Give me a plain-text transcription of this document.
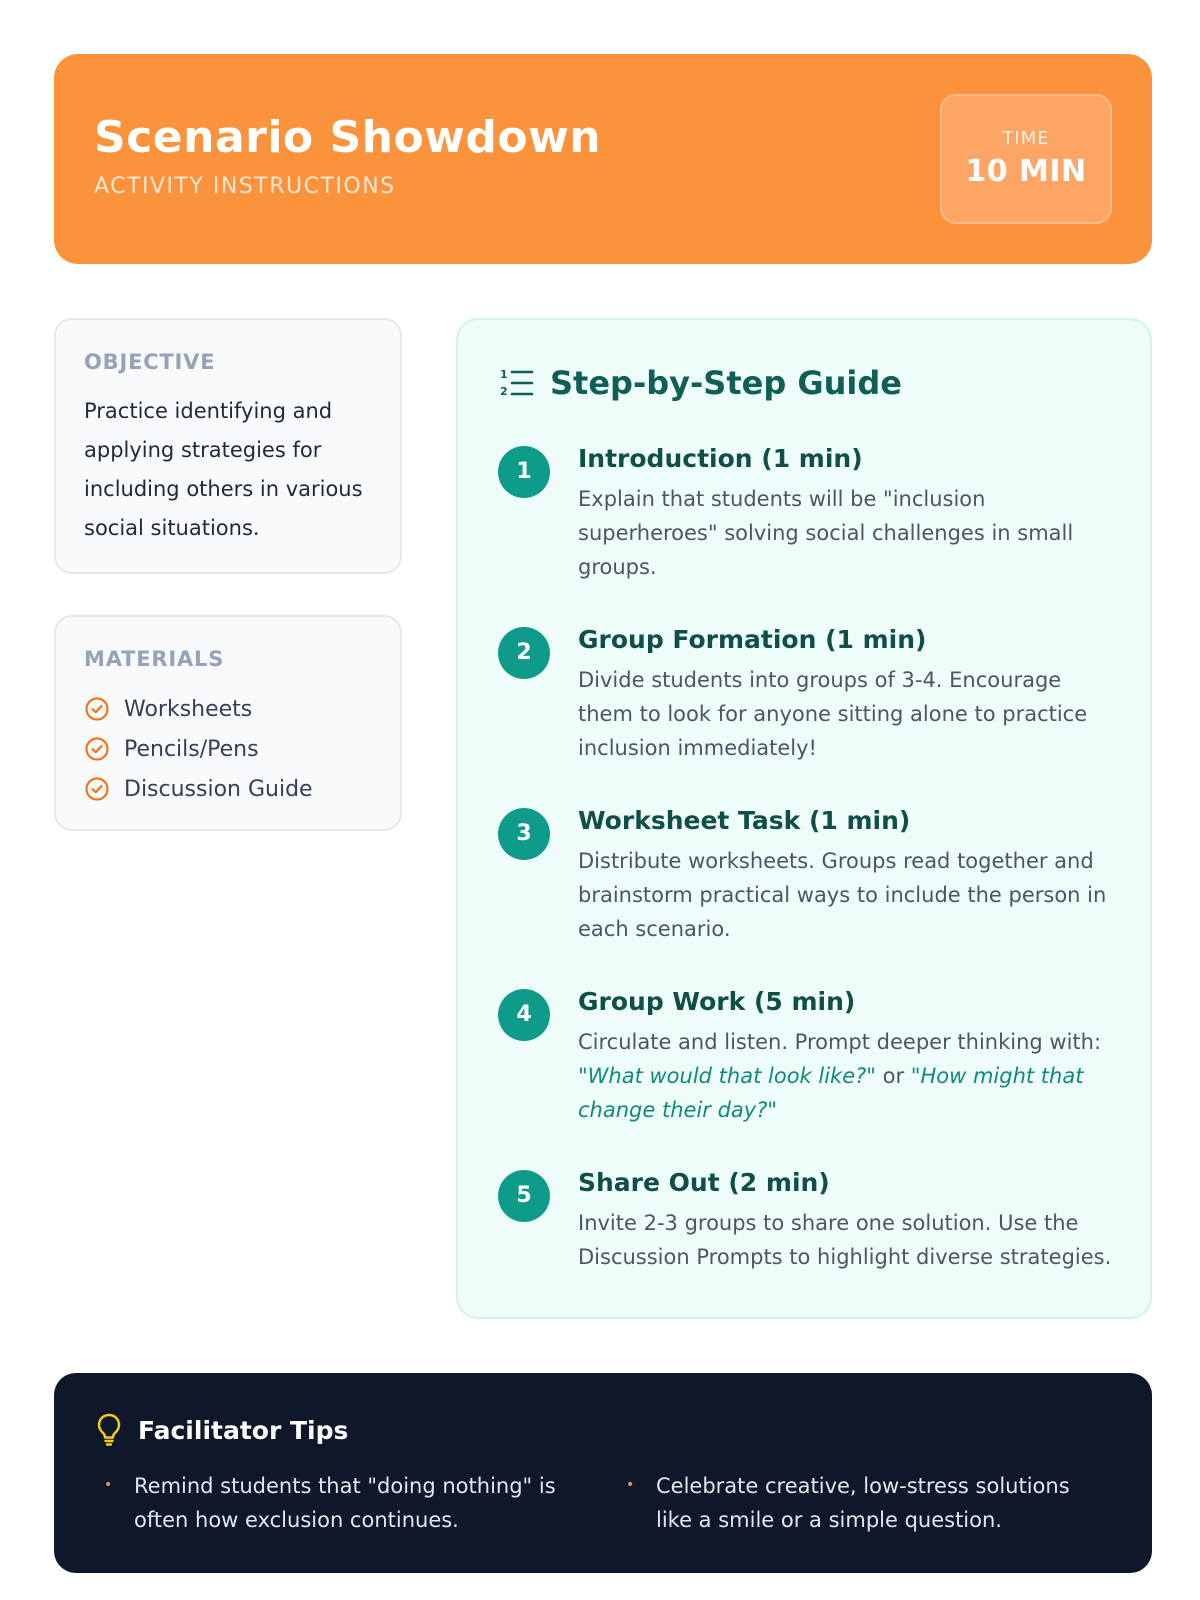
Scenario Showdown
ACTIVITY INSTRUCTIONS
TIME
10 MIN
OBJECTIVE
Practice identifying and applying strategies for including others in various social situations.
MATERIALS
Worksheets
Pencils/Pens
Discussion Guide
1
2 Step-by-Step Guide
1	Introduction (1 min)
Explain that students will be "inclusion superheroes" solving social challenges in small groups.
2	Group Formation (1 min)
Divide students into groups of 3-4. Encourage them to look for anyone sitting alone to practice inclusion immediately!
3	Worksheet Task (1 min)
Distribute worksheets. Groups read together and brainstorm practical ways to include the person in each scenario.
4	Group Work (5 min)
Circulate and listen. Prompt deeper thinking with: "What would that look like?" or "How might that change their day?"
5	Share Out (2 min)
Invite 2-3 groups to share one solution. Use the Discussion Prompts to highlight diverse strategies.
Facilitator Tips
• Remind students that "doing nothing" is often how exclusion continues.
• Celebrate creative, low-stress solutions like a smile or a simple question.
